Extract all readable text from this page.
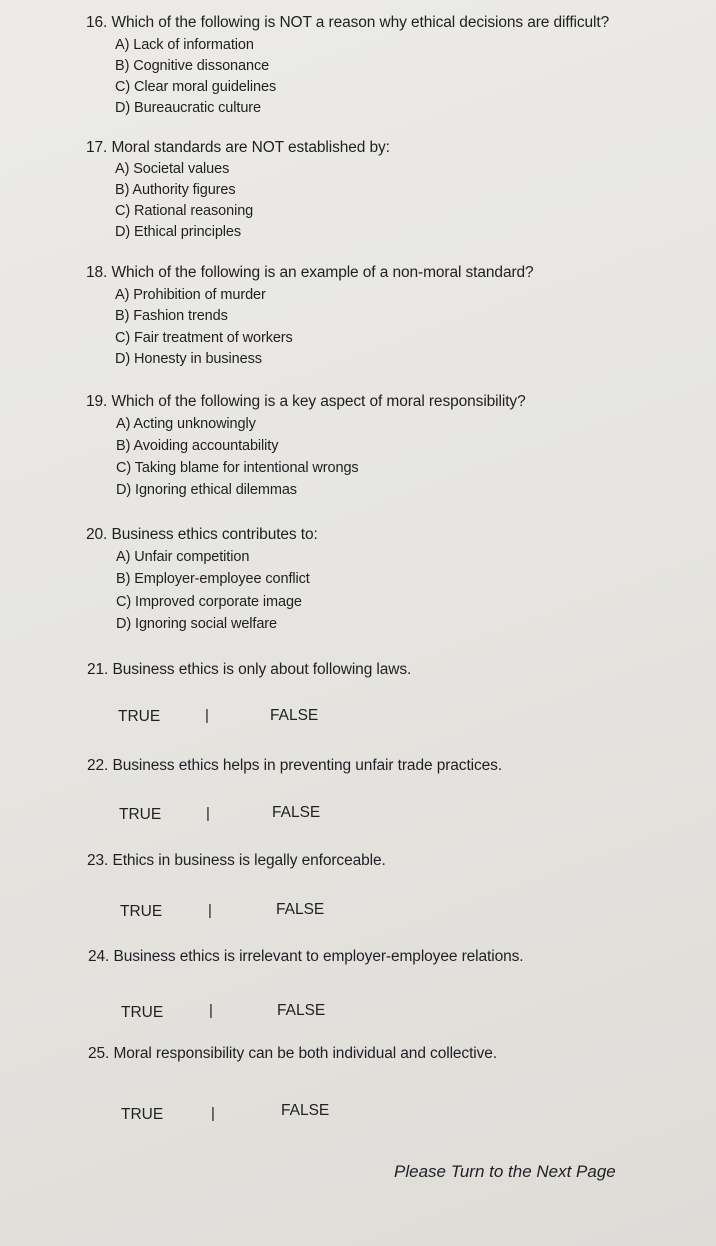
16. Which of the following is NOT a reason why ethical decisions are difficult?
A) Lack of information
B) Cognitive dissonance
C) Clear moral guidelines
D) Bureaucratic culture
17. Moral standards are NOT established by:
A) Societal values
B) Authority figures
C) Rational reasoning
D) Ethical principles
18. Which of the following is an example of a non-moral standard?
A) Prohibition of murder
B) Fashion trends
C) Fair treatment of workers
D) Honesty in business
19. Which of the following is a key aspect of moral responsibility?
A) Acting unknowingly
B) Avoiding accountability
C) Taking blame for intentional wrongs
D) Ignoring ethical dilemmas
20. Business ethics contributes to:
A) Unfair competition
B) Employer-employee conflict
C) Improved corporate image
D) Ignoring social welfare
21. Business ethics is only about following laws.
TRUE	|	FALSE
22. Business ethics helps in preventing unfair trade practices.
TRUE	|	FALSE
23. Ethics in business is legally enforceable.
TRUE	|	FALSE
24. Business ethics is irrelevant to employer-employee relations.
TRUE	|	FALSE
25. Moral responsibility can be both individual and collective.
TRUE	|	FALSE
Please Turn to the Next Page
